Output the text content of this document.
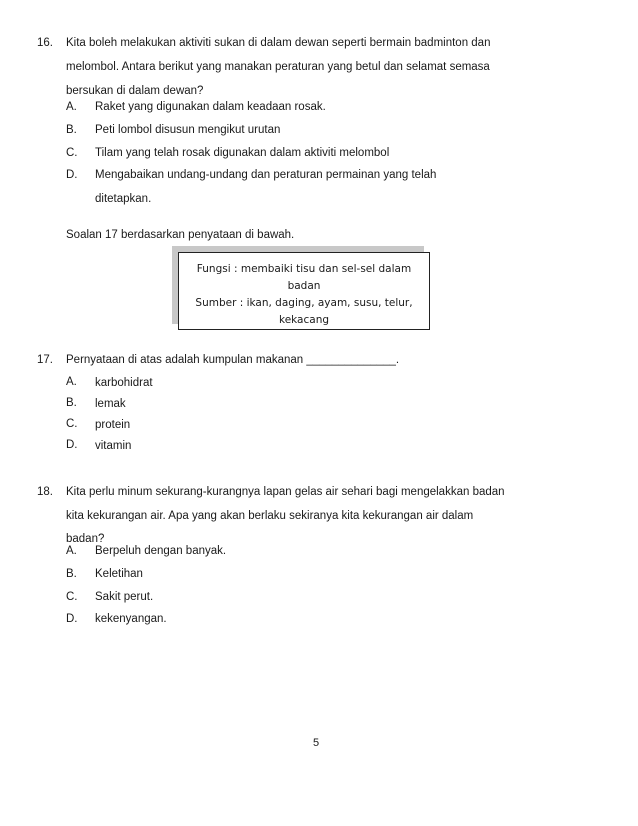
16. Kita boleh melakukan aktiviti sukan di dalam dewan seperti bermain badminton dan
melombol. Antara berikut yang manakan peraturan yang betul dan selamat semasa
bersukan di dalam dewan?
A. Raket yang digunakan dalam keadaan rosak.
B. Peti lombol disusun mengikut urutan
C. Tilam yang telah rosak digunakan dalam aktiviti melombol
D. Mengabaikan undang-undang dan peraturan permainan yang telah
ditetapkan.
Soalan 17 berdasarkan penyataan di bawah.
Fungsi : membaiki tisu dan sel-sel dalam
badan
Sumber : ikan, daging, ayam, susu, telur,
kekacang
17. Pernyataan di atas adalah kumpulan makanan ______________.
A. karbohidrat
B. lemak
C. protein
D. vitamin
18. Kita perlu minum sekurang-kurangnya lapan gelas air sehari bagi mengelakkan badan
kita kekurangan air. Apa yang akan berlaku sekiranya kita kekurangan air dalam
badan?
A. Berpeluh dengan banyak.
B. Keletihan
C. Sakit perut.
D. kekenyangan.
5
